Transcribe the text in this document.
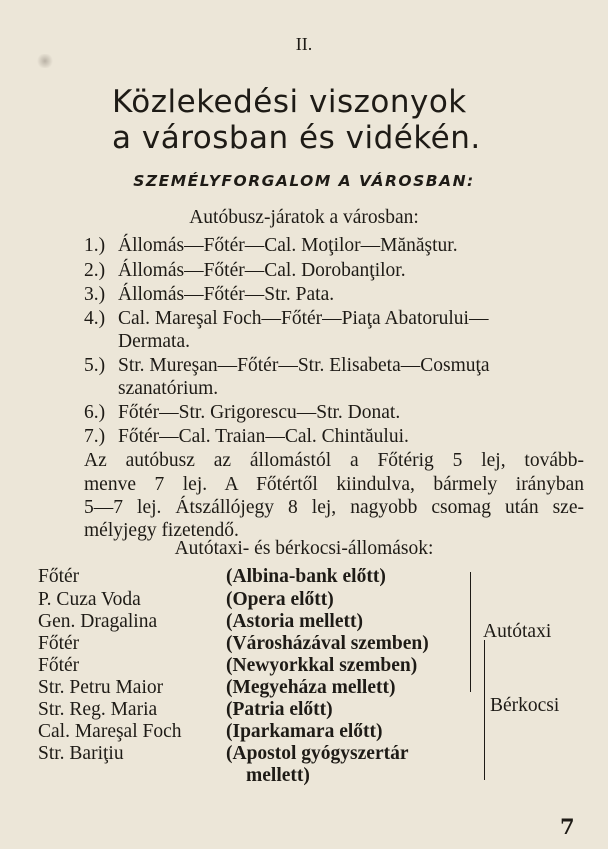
II.
Közlekedési viszonyok
a városban és vidékén.
SZEMÉLYFORGALOM A VÁROSBAN:
Autóbusz-járatok a városban:
1.) Állomás—Főtér—Cal. Moţilor—Mănăştur.
2.) Állomás—Főtér—Cal. Dorobanţilor.
3.) Állomás—Főtér—Str. Pata.
4.) Cal. Mareşal Foch—Főtér—Piaţa Abatorului—
Dermata.
5.) Str. Mureşan—Főtér—Str. Elisabeta—Cosmuţa
szanatórium.
6.) Főtér—Str. Grigorescu—Str. Donat.
7.) Főtér—Cal. Traian—Cal. Chintăului.
Az autóbusz az állomástól a Főtérig 5 lej, tovább-
menve 7 lej. A Főtértől kiindulva, bármely irányban
5—7 lej. Átszállójegy 8 lej, nagyobb csomag után sze-
mélyjegy fizetendő.
Autótaxi- és bérkocsi-állomások:
Főtér	(Albina-bank előtt)
P. Cuza Voda	(Opera előtt)
Gen. Dragalina	(Astoria mellett)
Főtér	(Városházával szemben)
Főtér	(Newyorkkal szemben)
Str. Petru Maior	(Megyeháza mellett)
Str. Reg. Maria	(Patria előtt)
Cal. Mareşal Foch (Iparkamara előtt)
Str. Bariţiu	(Apostol gyógyszertár
mellett)
Autótaxi
Bérkocsi
7
